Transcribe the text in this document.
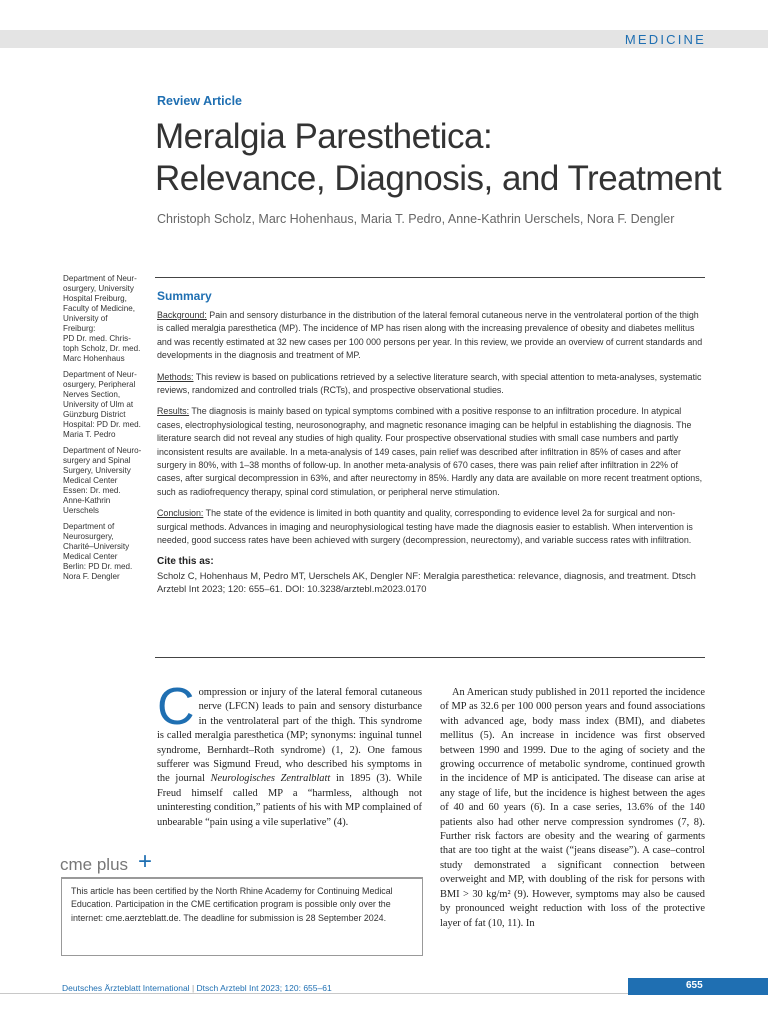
MEDICINE
Review Article
Meralgia Paresthetica:
Relevance, Diagnosis, and Treatment
Christoph Scholz, Marc Hohenhaus, Maria T. Pedro, Anne-Kathrin Uerschels, Nora F. Dengler
Department of Neur-
osurgery, University
Hospital Freiburg,
Faculty of Medicine,
University of
Freiburg:
PD Dr. med. Chris-
toph Scholz, Dr. med.
Marc Hohenhaus
Department of Neur-
osurgery, Peripheral
Nerves Section,
University of Ulm at
Günzburg District
Hospital: PD Dr. med.
Maria T. Pedro
Department of Neuro-
surgery and Spinal
Surgery, University
Medical Center
Essen: Dr. med.
Anne-Kathrin
Uerschels
Department of
Neurosurgery,
Charité–University
Medical Center
Berlin: PD Dr. med.
Nora F. Dengler
Summary

Background: Pain and sensory disturbance in the distribution of the lateral femoral cutaneous nerve in the ventrolateral portion of the thigh is called meralgia paresthetica (MP). The incidence of MP has risen along with the increasing prevalence of obesity and diabetes mellitus and was recently estimated at 32 new cases per 100 000 persons per year. In this review, we provide an overview of current standards and developments in the diagnosis and treatment of MP.

Methods: This review is based on publications retrieved by a selective literature search, with special attention to meta-analyses, systematic reviews, randomized and controlled trials (RCTs), and prospective observational studies.

Results: The diagnosis is mainly based on typical symptoms combined with a positive response to an infiltration procedure. In atypical cases, electrophysiological testing, neurosonography, and magnetic resonance imaging can be helpful in establishing the diagnosis. The literature search did not reveal any studies of high quality. Four prospective observational studies with small case numbers and partly inconsistent results are available. In a meta-analysis of 149 cases, pain relief was described after infiltration in 85% of cases and after surgery in 80%, with 1–38 months of follow-up. In another meta-analysis of 670 cases, there was pain relief after infiltration in 22% of cases, after surgical decompression in 63%, and after neurectomy in 85%. Hardly any data are available on more recent treatment options, such as radiofrequency therapy, spinal cord stimulation, or peripheral nerve stimulation.

Conclusion: The state of the evidence is limited in both quantity and quality, corresponding to evidence level 2a for surgical and non-surgical methods. Advances in imaging and neurophysiological testing have made the diagnosis easier to establish. When intervention is needed, good success rates have been achieved with surgery (decompression, neurectomy), and variable success rates with infiltration.

Cite this as:
Scholz C, Hohenhaus M, Pedro MT, Uerschels AK, Dengler NF: Meralgia paresthetica: relevance, diagnosis, and treatment. Dtsch Arztebl Int 2023; 120: 655–61. DOI: 10.3238/arztebl.m2023.0170
Compression or injury of the lateral femoral cutaneous nerve (LFCN) leads to pain and sensory disturbance in the ventrolateral part of the thigh. This syndrome is called meralgia paresthetica (MP; synonyms: inguinal tunnel syndrome, Bernhardt–Roth syndrome) (1, 2). One famous sufferer was Sigmund Freud, who described his symptoms in the journal Neurologisches Zentralblatt in 1895 (3). While Freud himself called MP a “harmless, although not uninteresting condition,” patients of his with MP complained of unbearable “pain using a vile superlative” (4).
An American study published in 2011 reported the incidence of MP as 32.6 per 100 000 person years and found associations with advanced age, body mass index (BMI), and diabetes mellitus (5). An increase in incidence was first observed between 1990 and 1999. Due to the aging of society and the growing occurrence of metabolic syndrome, continued growth in the incidence of MP is anticipated. The disease can arise at any stage of life, but the incidence is highest between the ages of 40 and 60 years (6). In a case series, 13.6% of the 140 patients also had other nerve compression syndromes (7, 8). Further risk factors are obesity and the wearing of garments that are too tight at the waist (“jeans disease”). A case–control study demonstrated a significant connection between overweight and MP, with doubling of the risk for persons with BMI > 30 kg/m² (9). However, symptoms may also be caused by pronounced weight reduction with loss of the protective layer of fat (10, 11). In
cme plus +
This article has been certified by the North Rhine Academy for Continuing Medical Education. Participation in the CME certification program is possible only over the internet: cme.aerzteblatt.de. The deadline for submission is 28 September 2024.
Deutsches Ärzteblatt International | Dtsch Arztebl Int 2023; 120: 655–61	655
